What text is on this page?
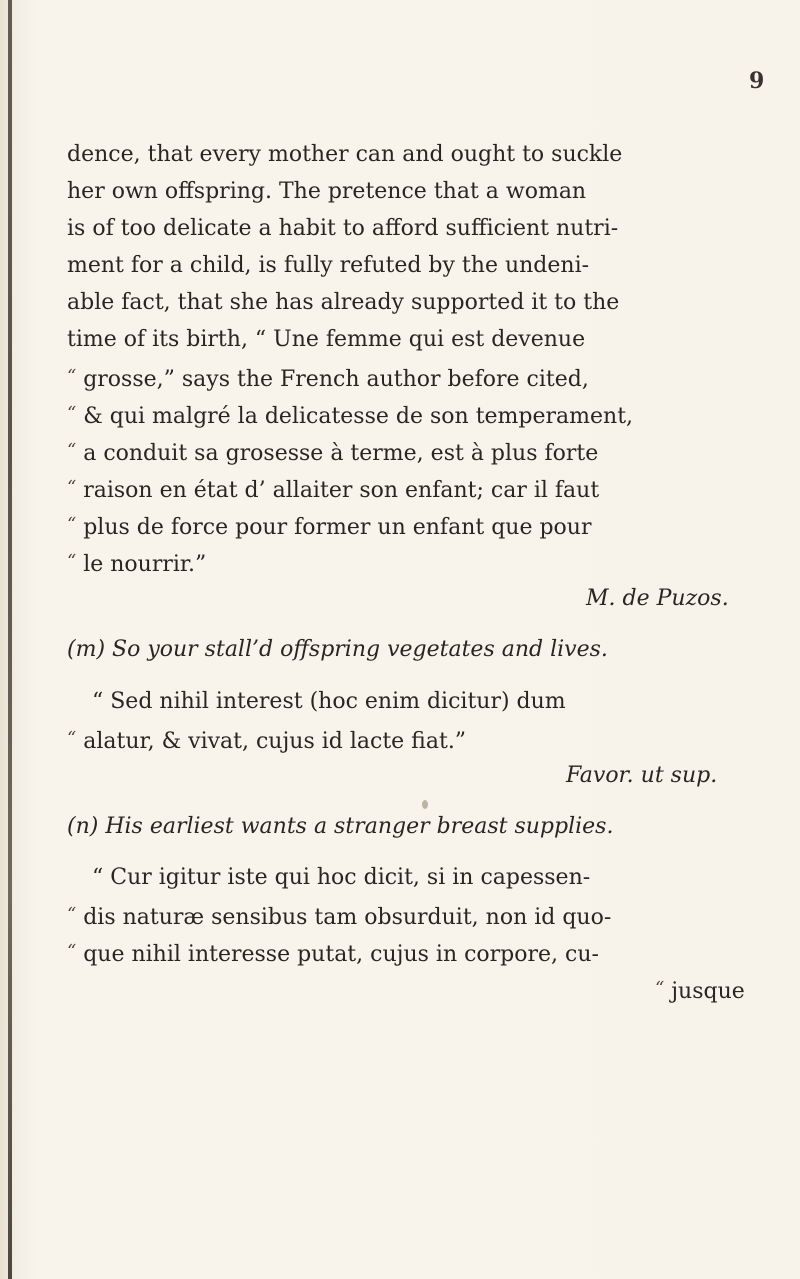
9
dence, that every mother can and ought to suckle
her own offspring. The pretence that a woman
is of too delicate a habit to afford sufficient nutri-
ment for a child, is fully refuted by the undeni-
able fact, that she has already supported it to the
time of its birth, “ Une femme qui est devenue
“ grosse,” says the French author before cited,
“ & qui malgré la delicatesse de son temperament,
“ a conduit sa grosesse à terme, est à plus forte
“ raison en état d’ allaiter son enfant; car il faut
“ plus de force pour former un enfant que pour
“ le nourrir.”
M. de Puzos.
(m) So your stall’d offspring vegetates and lives.
“ Sed nihil interest (hoc enim dicitur) dum
“ alatur, & vivat, cujus id lacte fiat.”
Favor. ut sup.
(n) His earliest wants a stranger breast supplies.
“ Cur igitur iste qui hoc dicit, si in capessen-
“ dis naturæ sensibus tam obsurduit, non id quo-
“ que nihil interesse putat, cujus in corpore, cu-
“ jusque
